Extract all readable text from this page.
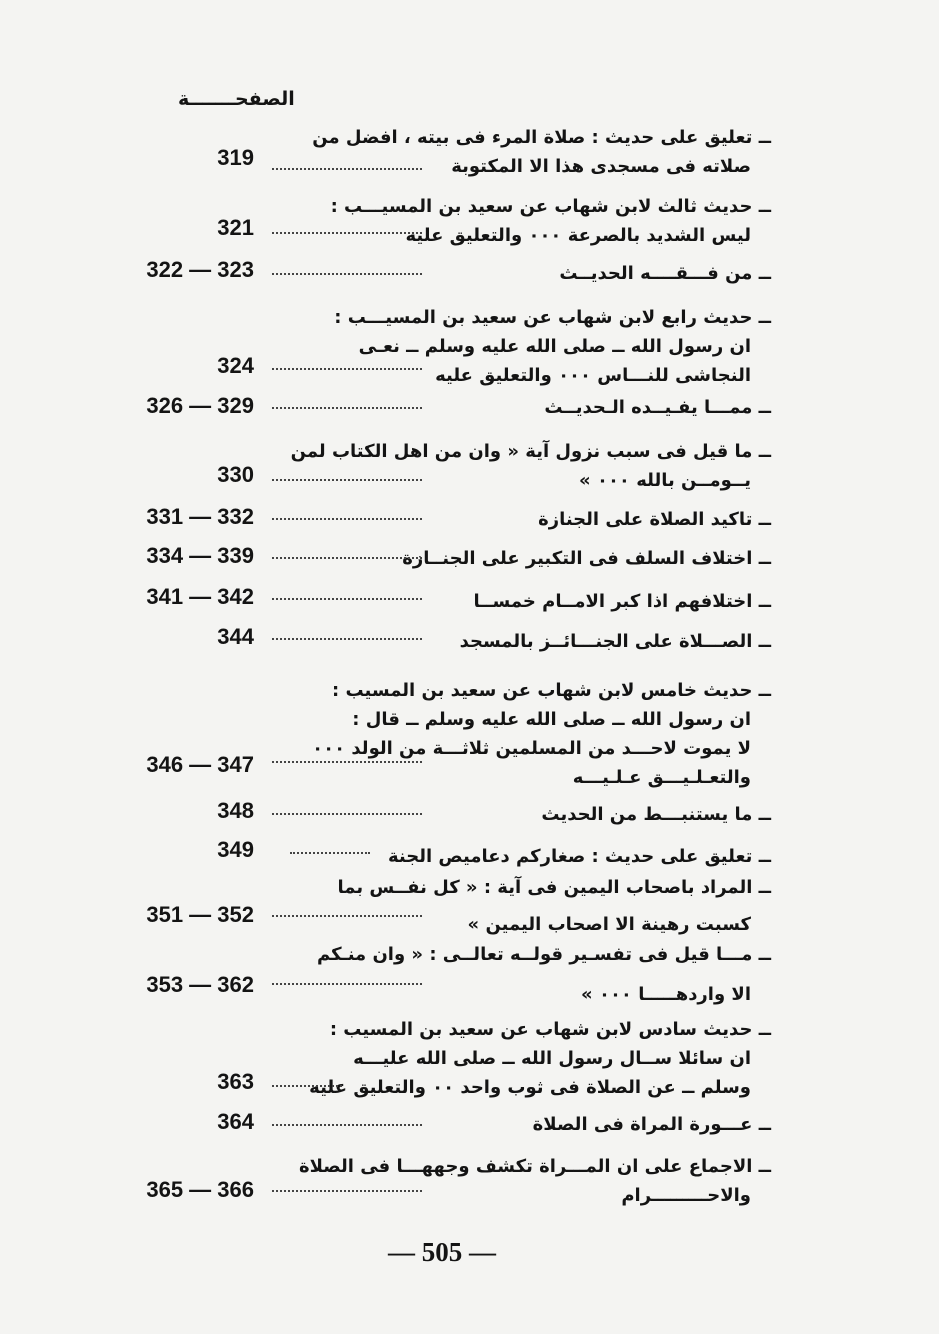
الصفحـــــــة
ــ تعليق على حديث : صلاة المرء فى بيته ، افضل من
صلاته فى مسجدى هذا الا المكتوبة
319
ــ حديث ثالث لابن شهاب عن سعيد بن المسيـــب :
ليس الشديد بالصرعة ٠٠٠ والتعليق عليه
321
ــ من فـــقــــه الحديــث
322 — 323
ــ حديث رابع لابن شهاب عن سعيد بن المسيـــب :
ان رسول الله ــ صلى الله عليه وسلم ــ نعـى
النجاشى للنـــاس ٠٠٠ والتعليق عليه
324
ــ ممـــا يفـيــده الـحديــث
326 — 329
ــ ما قيل فى سبب نزول آية « وان من اهل الكتاب لمن
يــومــن بالله ٠٠٠ »
330
ــ تاكيد الصلاة على الجنازة
331 — 332
ــ اختلاف السلف فى التكبير على الجنــازة
334 — 339
ــ اختلافهم اذا كبر الامــام خمســا
341 — 342
ــ الصـــلاة على الجنـــائــز بالمسجد
344
ــ حديث خامس لابن شهاب عن سعيد بن المسيب :
ان رسول الله ــ صلى الله عليه وسلم ــ قال :
لا يموت لاحـــد من المسلمين ثلاثـــة من الولد ٠٠٠
والتعـلـيـــق عـلـيـــه
346 — 347
ــ ما يستنبـــط من الحديث
348
ــ تعليق على حديث : صغاركم دعاميص الجنة
349
ــ المراد باصحاب اليمين فى آية : « كل نفــس بما
كسبت رهينة الا اصحاب اليمين »
351 — 352
ــ مـــا قيل فى تفسـير قولــه تعالــى : « وان منـكم
الا واردهـــــا ٠٠٠ »
353 — 362
ــ حديث سادس لابن شهاب عن سعيد بن المسيب :
ان سائلا ســال رسول الله ــ صلى الله عليـــه
وسلم ــ عن الصلاة فى ثوب واحد ٠٠ والتعليق عليه
363
ــ عـــورة المراة فى الصلاة
364
ــ الاجماع على ان المـــراة تكشف وجههـــا فى الصلاة
والاحـــــــــرام
365 — 366
— 505 —
